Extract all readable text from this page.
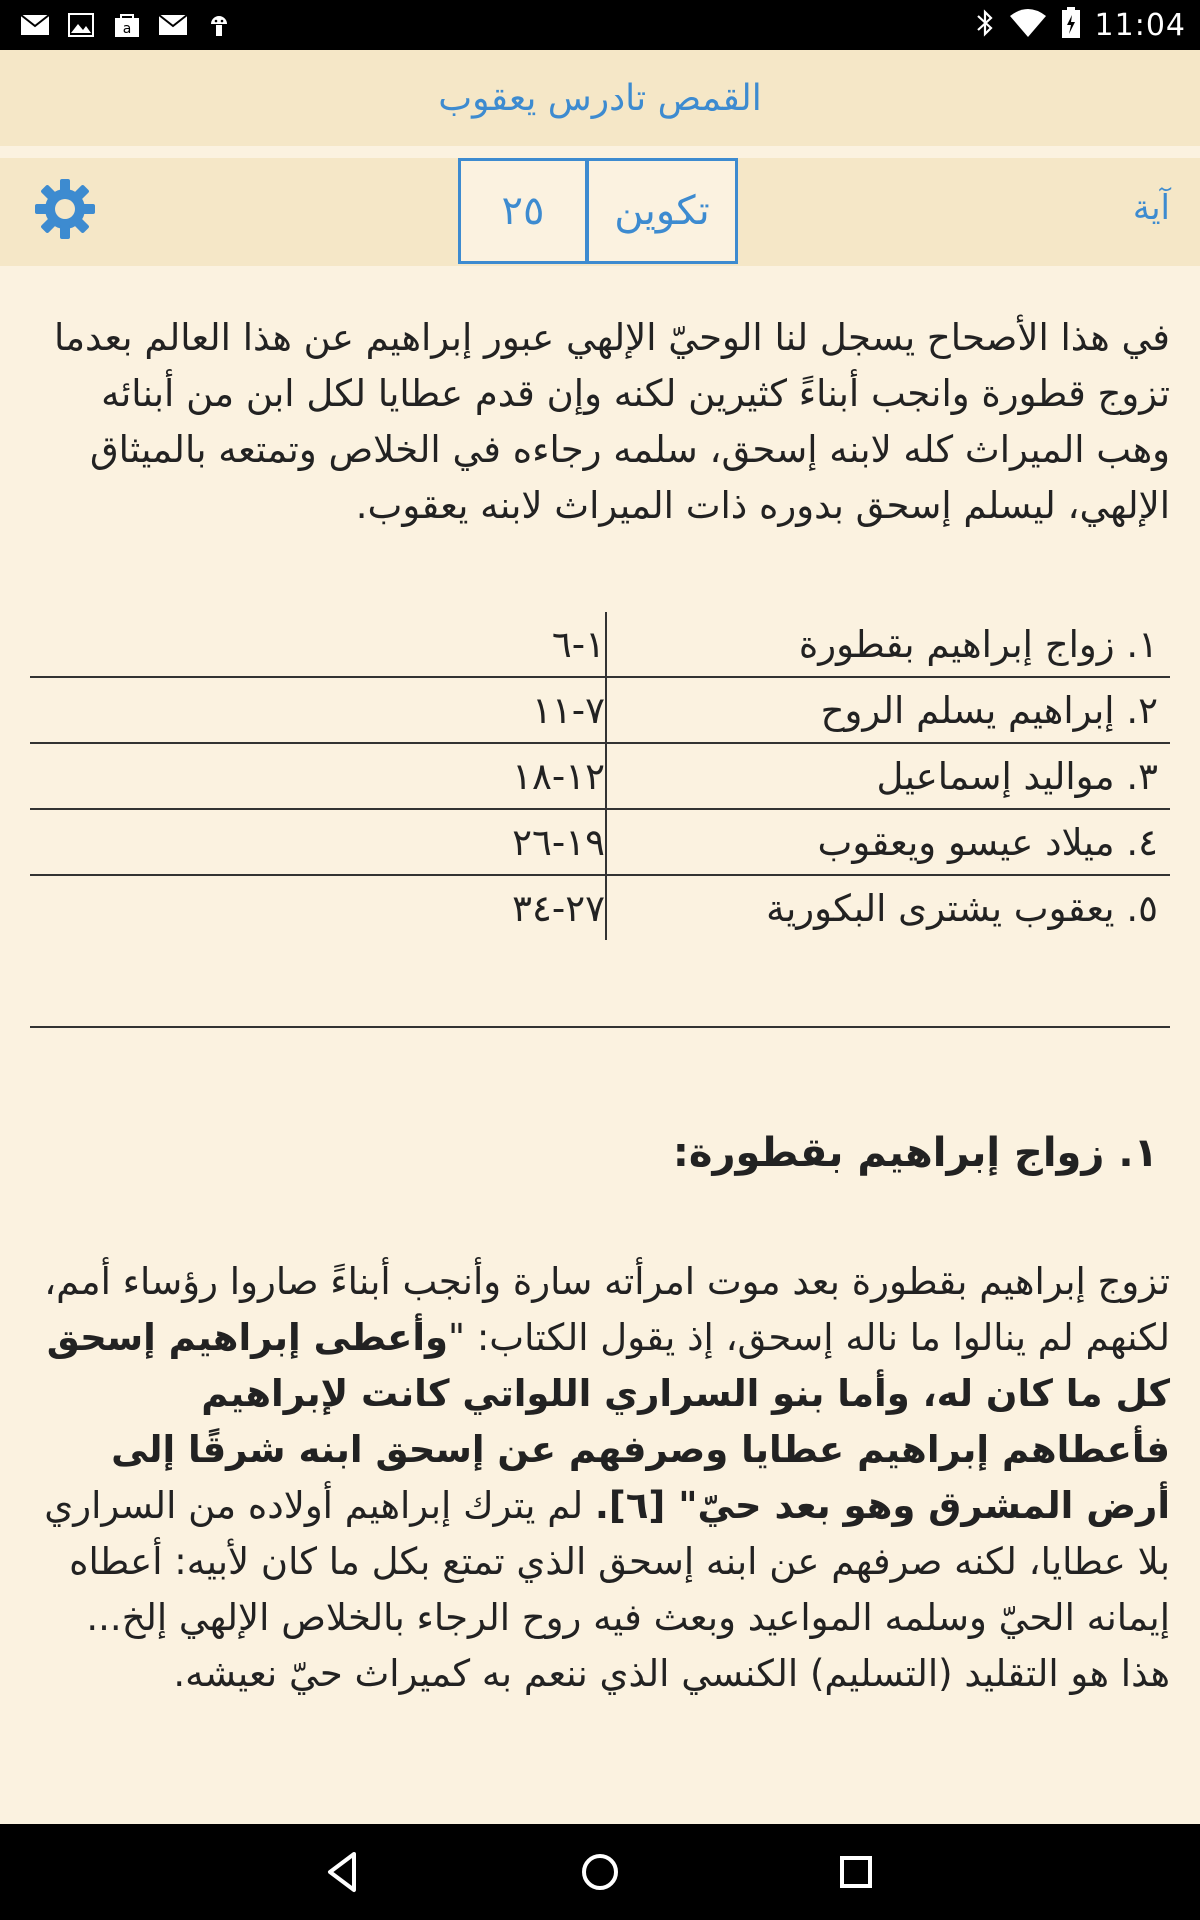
a	11:04
القمص تادرس يعقوب
٢٥	تكوين	آية
في هذا الأصحاح يسجل لنا الوحيّ الإلهي عبور إبراهيم عن هذا العالم بعدما تزوج قطورة وانجب أبناءً كثيرين لكنه وإن قدم عطايا لكل ابن من أبنائه وهب الميراث كله لابنه إسحق، سلمه رجاءه في الخلاص وتمتعه بالميثاق الإلهي، ليسلم إسحق بدوره ذات الميراث لابنه يعقوب.
١. زواج إبراهيم بقطورة	١-٦
٢. إبراهيم يسلم الروح	٧-١١
٣. مواليد إسماعيل	١٢-١٨
٤. ميلاد عيسو ويعقوب	١٩-٢٦
٥. يعقوب يشترى البكورية	٢٧-٣٤
١. زواج إبراهيم بقطورة:
تزوج إبراهيم بقطورة بعد موت امرأته سارة وأنجب أبناءً صاروا رؤساء أمم، لكنهم لم ينالوا ما ناله إسحق، إذ يقول الكتاب: "وأعطى إبراهيم إسحق كل ما كان له، وأما بنو السراري اللواتي كانت لإبراهيم فأعطاهم إبراهيم عطايا وصرفهم عن إسحق ابنه شرقًا إلى أرض المشرق وهو بعد حيّ" [٦]. لم يترك إبراهيم أولاده من السراري بلا عطايا، لكنه صرفهم عن ابنه إسحق الذي تمتع بكل ما كان لأبيه: أعطاه إيمانه الحيّ وسلمه المواعيد وبعث فيه روح الرجاء بالخلاص الإلهي إلخ... هذا هو التقليد (التسليم) الكنسي الذي ننعم به كميراث حيّ نعيشه.
